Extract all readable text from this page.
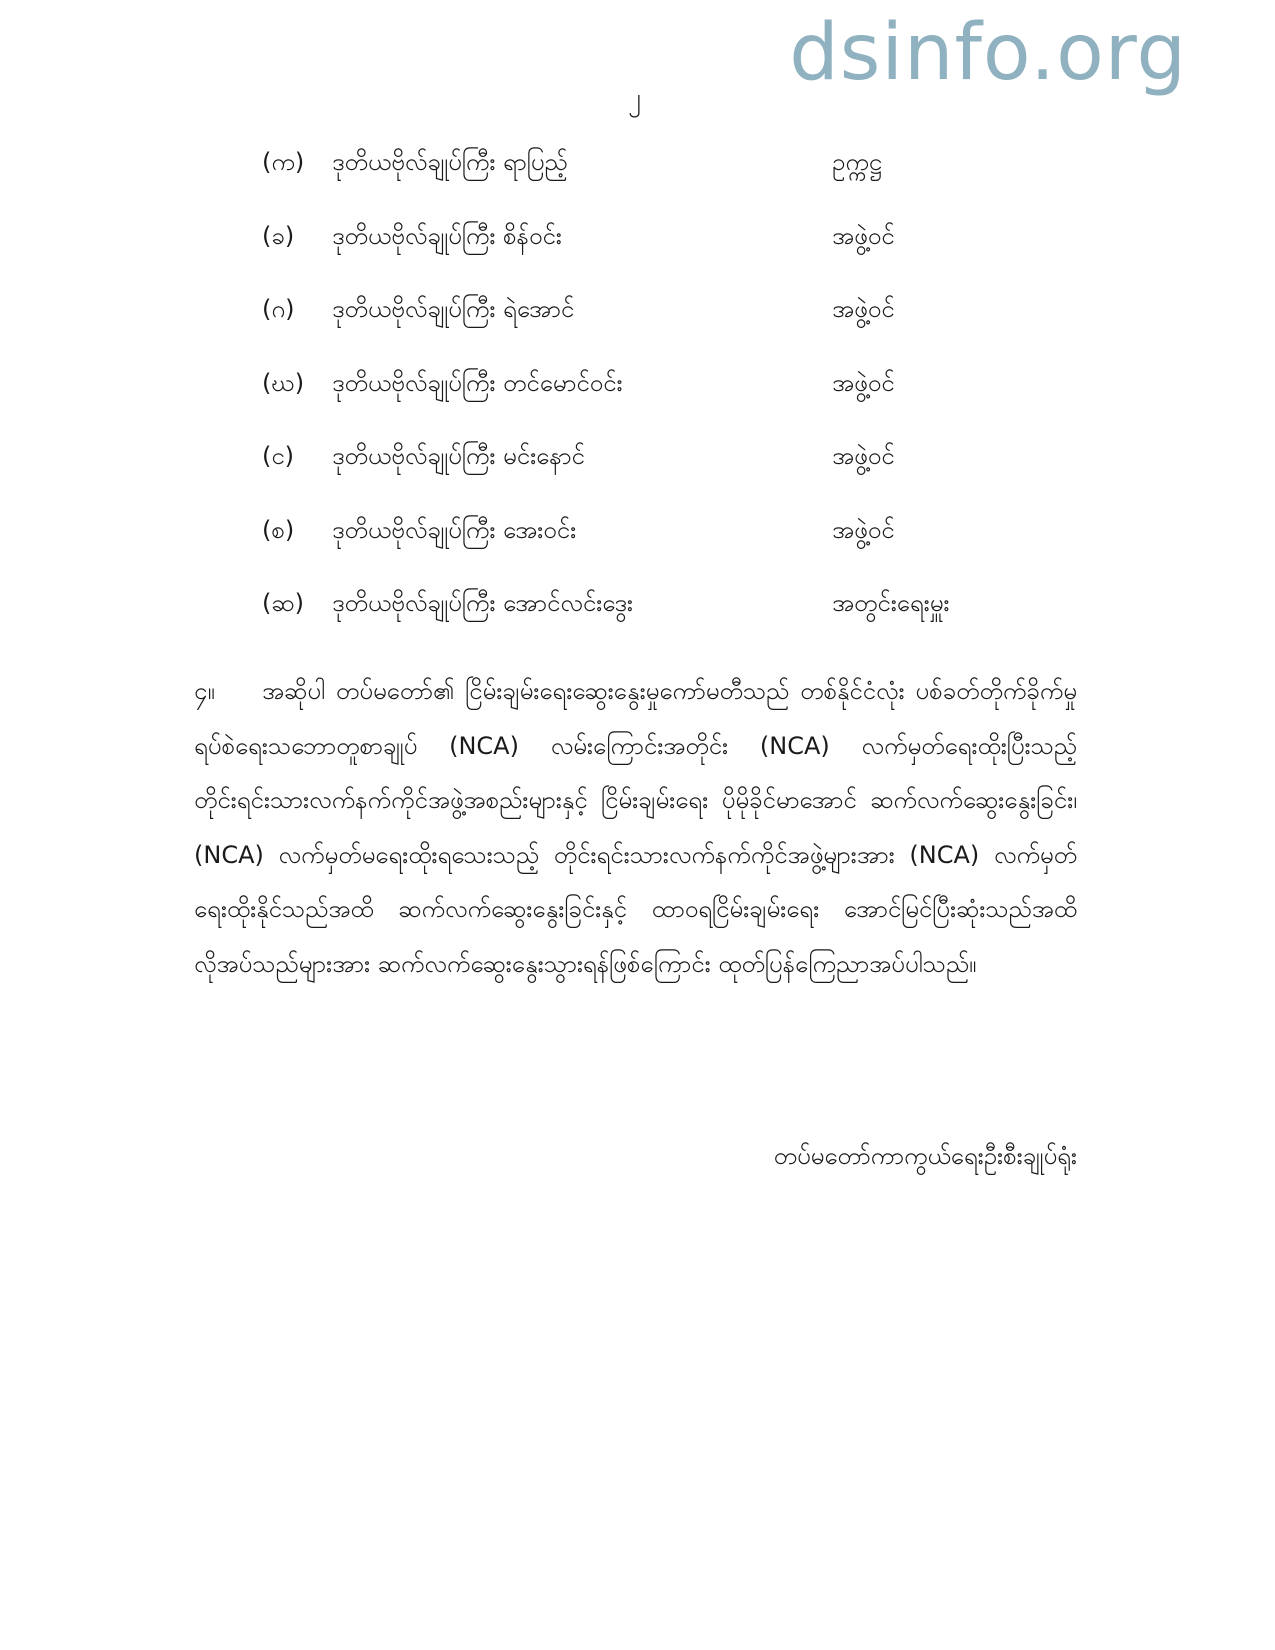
dsinfo.org
၂
(က) ဒုတိယဗိုလ်ချုပ်ကြီး ရာပြည့်	ဥက္ကဋ္ဌ
(ခ) ဒုတိယဗိုလ်ချုပ်ကြီး စိန်ဝင်း	အဖွဲ့ဝင်
(ဂ) ဒုတိယဗိုလ်ချုပ်ကြီး ရဲအောင်	အဖွဲ့ဝင်
(ဃ) ဒုတိယဗိုလ်ချုပ်ကြီး တင်မောင်ဝင်း	အဖွဲ့ဝင်
(င) ဒုတိယဗိုလ်ချုပ်ကြီး မင်းနောင်	အဖွဲ့ဝင်
(စ) ဒုတိယဗိုလ်ချုပ်ကြီး အေးဝင်း	အဖွဲ့ဝင်
(ဆ) ဒုတိယဗိုလ်ချုပ်ကြီး အောင်လင်းဒွေး	အတွင်းရေးမှူး
၄။ အဆိုပါ တပ်မတော်၏ ငြိမ်းချမ်းရေးဆွေးနွေးမှုကော်မတီသည် တစ်နိုင်ငံလုံး ပစ်ခတ်တိုက်ခိုက်မှုရပ်စဲရေးသဘောတူစာချုပ် (NCA) လမ်းကြောင်းအတိုင်း (NCA) လက်မှတ်ရေးထိုးပြီးသည့် တိုင်းရင်းသားလက်နက်ကိုင်အဖွဲ့အစည်းများနှင့် ငြိမ်းချမ်းရေး ပိုမိုခိုင်မာအောင် ဆက်လက်ဆွေးနွေးခြင်း၊ (NCA) လက်မှတ်မရေးထိုးရသေးသည့် တိုင်းရင်းသားလက်နက်ကိုင်အဖွဲ့များအား (NCA) လက်မှတ်ရေးထိုးနိုင်သည်အထိ ဆက်လက်ဆွေးနွေးခြင်းနှင့် ထာဝရငြိမ်းချမ်းရေး အောင်မြင်ပြီးဆုံးသည်အထိ လိုအပ်သည်များအား ဆက်လက်ဆွေးနွေးသွားရန်ဖြစ်ကြောင်း ထုတ်ပြန်ကြေညာအပ်ပါသည်။
တပ်မတော်ကာကွယ်ရေးဦးစီးချုပ်ရုံး
